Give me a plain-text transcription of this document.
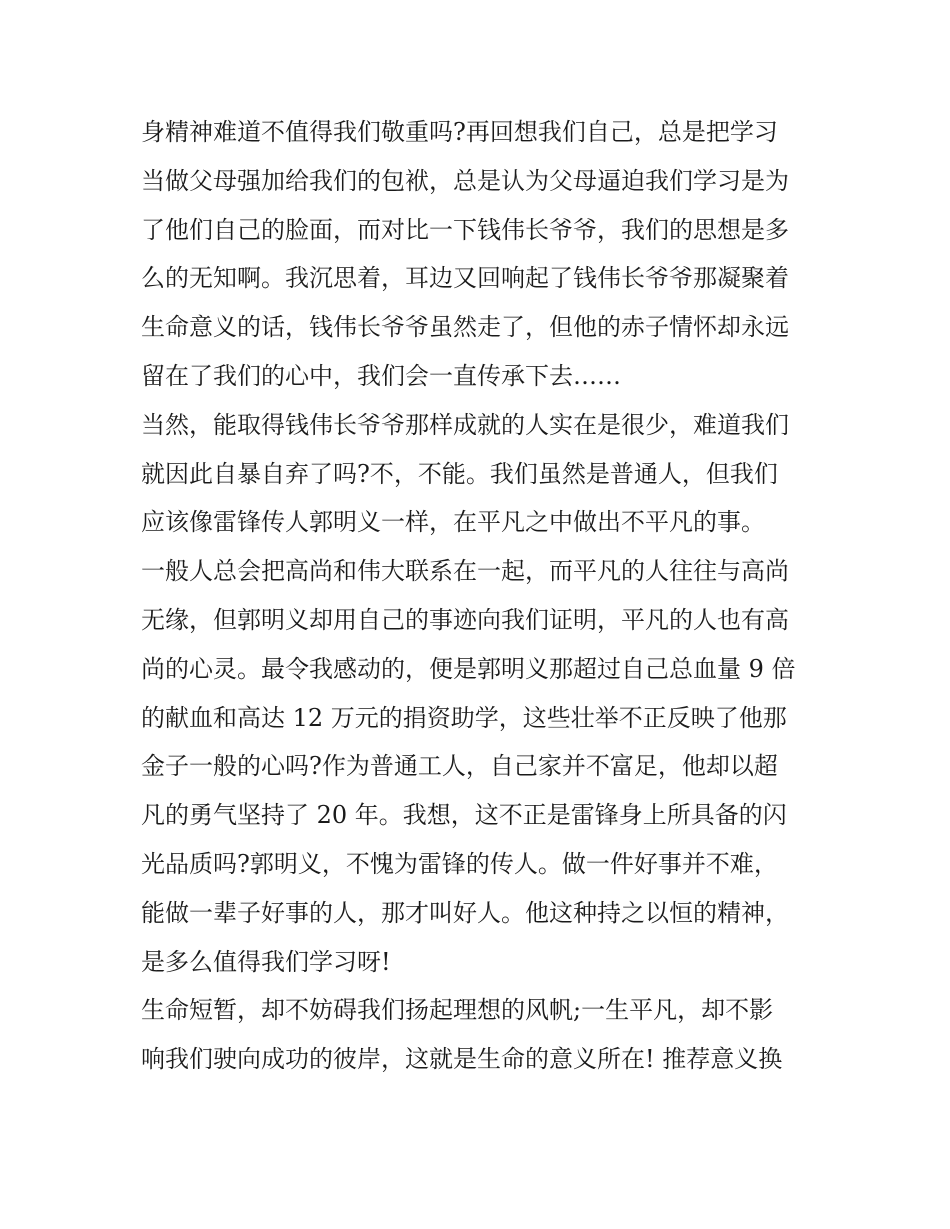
身精神难道不值得我们敬重吗?再回想我们自己，总是把学习
当做父母强加给我们的包袱，总是认为父母逼迫我们学习是为
了他们自己的脸面，而对比一下钱伟长爷爷，我们的思想是多
么的无知啊。我沉思着，耳边又回响起了钱伟长爷爷那凝聚着
生命意义的话，钱伟长爷爷虽然走了，但他的赤子情怀却永远
留在了我们的心中，我们会一直传承下去……
当然，能取得钱伟长爷爷那样成就的人实在是很少，难道我们
就因此自暴自弃了吗?不，不能。我们虽然是普通人，但我们
应该像雷锋传人郭明义一样，在平凡之中做出不平凡的事。
一般人总会把高尚和伟大联系在一起，而平凡的人往往与高尚
无缘，但郭明义却用自己的事迹向我们证明，平凡的人也有高
尚的心灵。最令我感动的，便是郭明义那超过自己总血量 9 倍
的献血和高达 12 万元的捐资助学，这些壮举不正反映了他那
金子一般的心吗?作为普通工人，自己家并不富足，他却以超
凡的勇气坚持了 20 年。我想，这不正是雷锋身上所具备的闪
光品质吗?郭明义，不愧为雷锋的传人。做一件好事并不难，
能做一辈子好事的人，那才叫好人。他这种持之以恒的精神，
是多么值得我们学习呀!
生命短暂，却不妨碍我们扬起理想的风帆;一生平凡，却不影
响我们驶向成功的彼岸，这就是生命的意义所在! 推荐意义换
